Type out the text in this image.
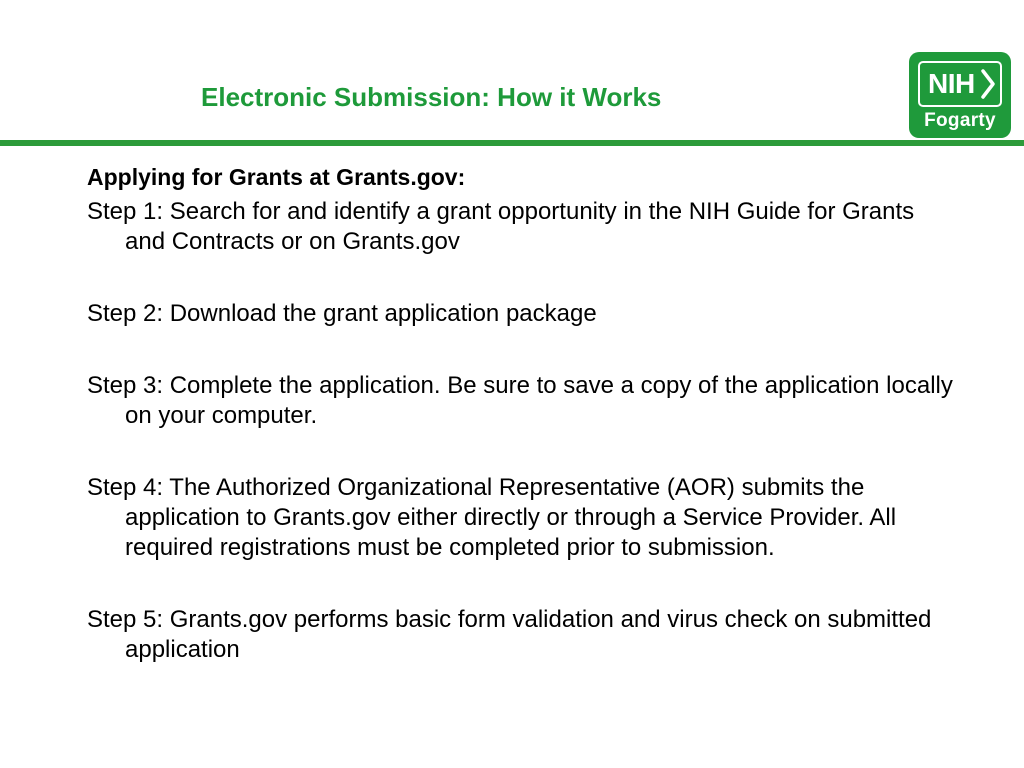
Electronic Submission: How it Works	NIH
Fogarty
Applying for Grants at Grants.gov:
Step 1: Search for and identify a grant opportunity in the NIH Guide for Grants and Contracts or on Grants.gov
Step 2: Download the grant application package
Step 3: Complete the application. Be sure to save a copy of the application locally on your computer.
Step 4: The Authorized Organizational Representative (AOR) submits the application to Grants.gov either directly or through a Service Provider. All required registrations must be completed prior to submission.
Step 5: Grants.gov performs basic form validation and virus check on submitted application
